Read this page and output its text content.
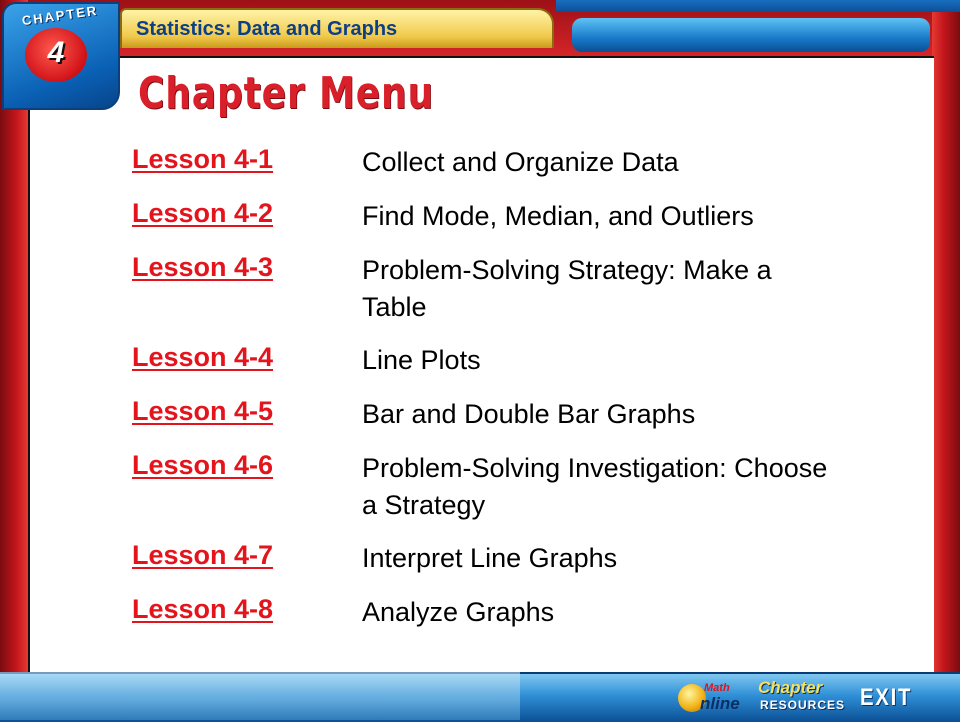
CHAPTER
4
Statistics: Data and Graphs
Chapter Menu
Lesson 4-1	Collect and Organize Data
Lesson 4-2	Find Mode, Median, and Outliers
Lesson 4-3	Problem-Solving Strategy: Make a Table
Lesson 4-4	Line Plots
Lesson 4-5	Bar and Double Bar Graphs
Lesson 4-6	Problem-Solving Investigation: Choose a Strategy
Lesson 4-7	Interpret Line Graphs
Lesson 4-8	Analyze Graphs
Math
nline
Chapter
RESOURCES EXIT
